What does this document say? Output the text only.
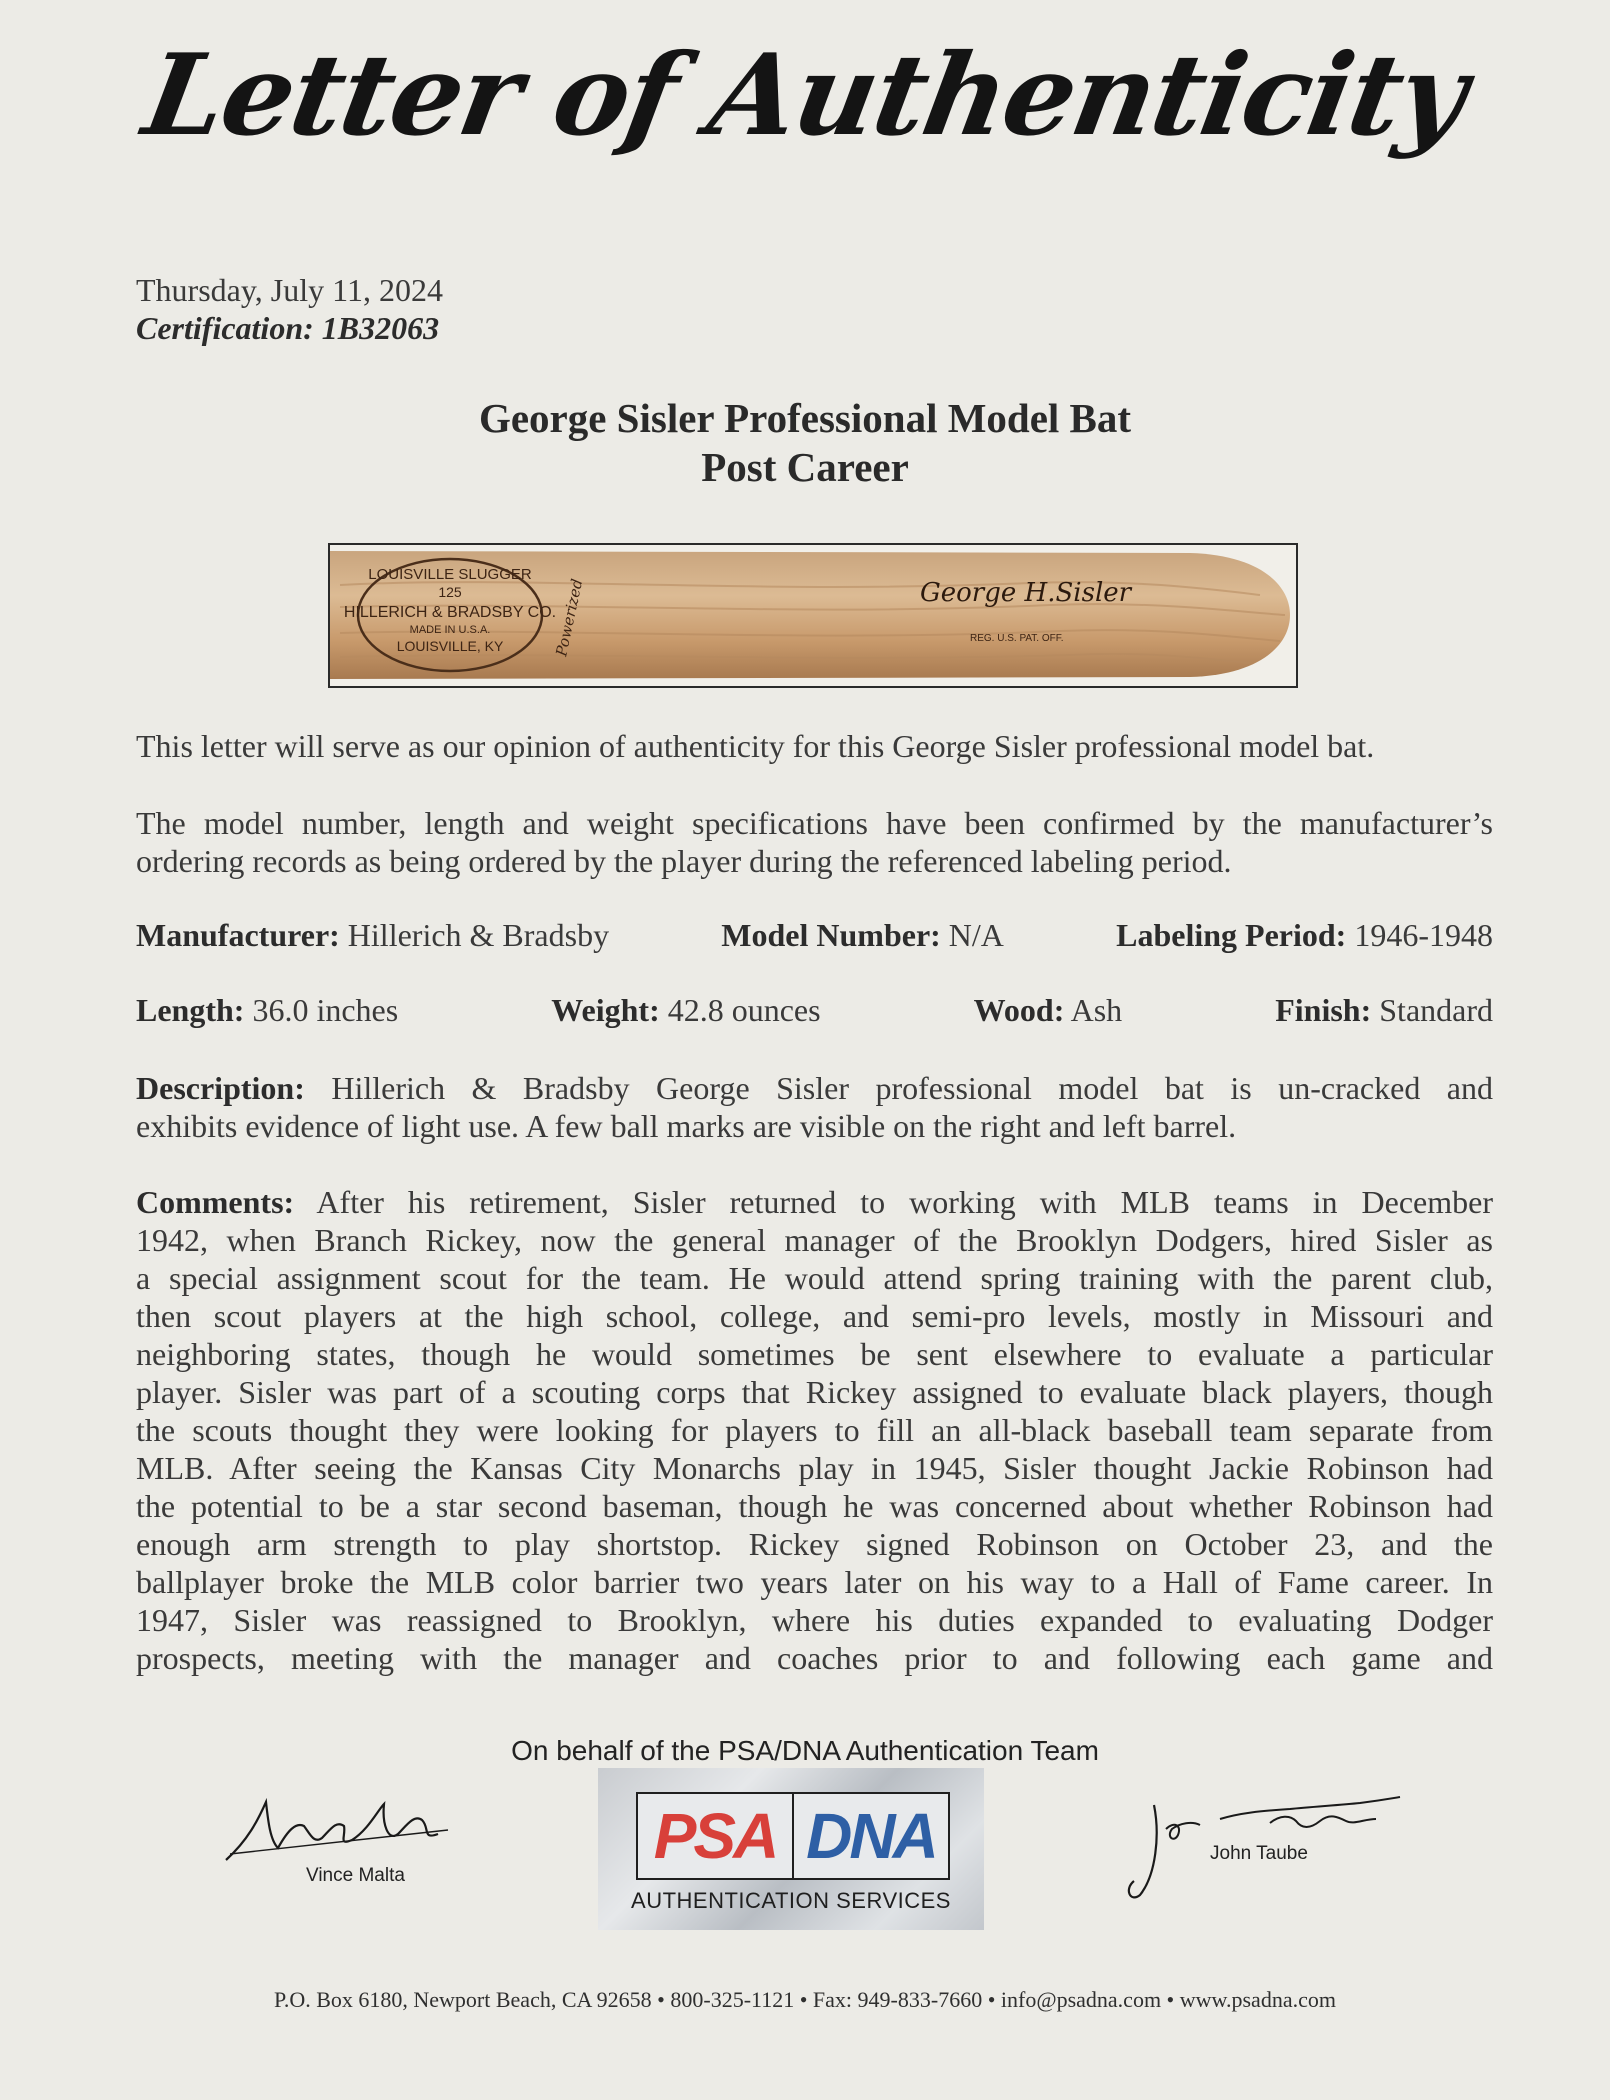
Letter of Authenticity
Thursday, July 11, 2024
Certification: 1B32063
George Sisler Professional Model Bat
Post Career
LOUISVILLE SLUGGER
125
HILLERICH & BRADSBY CO.
MADE IN U.S.A.
LOUISVILLE, KY	Powerized	George H.Sisler
REG. U.S. PAT. OFF.
This letter will serve as our opinion of authenticity for this George Sisler professional model bat.
The model number, length and weight specifications have been confirmed by the manufacturer’s
ordering records as being ordered by the player during the referenced labeling period.
Manufacturer: Hillerich & Bradsby	Model Number: N/A	Labeling Period: 1946-1948
Length: 36.0 inches	Weight: 42.8 ounces	Wood: Ash	Finish: Standard
Description: Hillerich & Bradsby George Sisler professional model bat is un-cracked and
exhibits evidence of light use. A few ball marks are visible on the right and left barrel.
Comments: After his retirement, Sisler returned to working with MLB teams in December
1942, when Branch Rickey, now the general manager of the Brooklyn Dodgers, hired Sisler as
a special assignment scout for the team. He would attend spring training with the parent club,
then scout players at the high school, college, and semi-pro levels, mostly in Missouri and
neighboring states, though he would sometimes be sent elsewhere to evaluate a particular
player. Sisler was part of a scouting corps that Rickey assigned to evaluate black players, though
the scouts thought they were looking for players to fill an all-black baseball team separate from
MLB. After seeing the Kansas City Monarchs play in 1945, Sisler thought Jackie Robinson had
the potential to be a star second baseman, though he was concerned about whether Robinson had
enough arm strength to play shortstop. Rickey signed Robinson on October 23, and the
ballplayer broke the MLB color barrier two years later on his way to a Hall of Fame career. In
1947, Sisler was reassigned to Brooklyn, where his duties expanded to evaluating Dodger
prospects, meeting with the manager and coaches prior to and following each game and
On behalf of the PSA/DNA Authentication Team
Vince Malta
PSA DNA
AUTHENTICATION SERVICES
John Taube
P.O. Box 6180, Newport Beach, CA 92658 • 800-325-1121 • Fax: 949-833-7660 • info@psadna.com • www.psadna.com
